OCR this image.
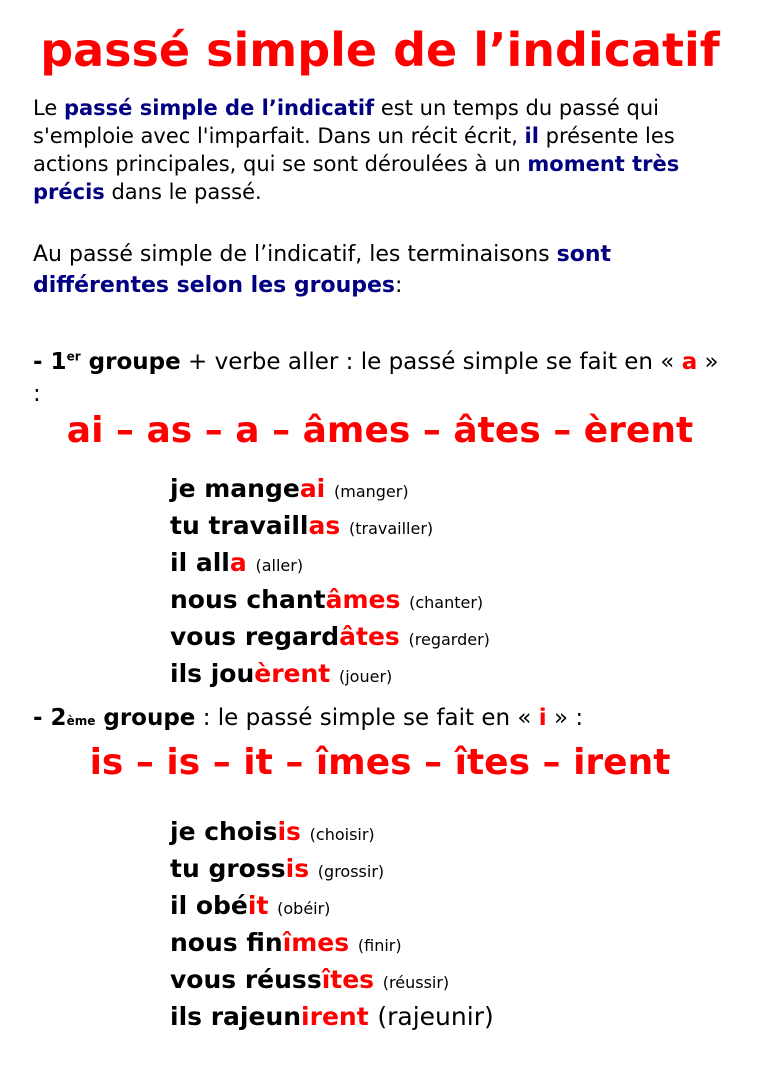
passé simple de l’indicatif
Le passé simple de l’indicatif est un temps du passé qui s'emploie avec l'imparfait. Dans un récit écrit, il présente les actions principales, qui se sont déroulées à un moment très précis dans le passé.
Au passé simple de l’indicatif, les terminaisons sont différentes selon les groupes:
- 1er groupe + verbe aller : le passé simple se fait en « a » :
ai – as – a – âmes – âtes – èrent
je mangeai (manger)
tu travaillas (travailler)
il alla (aller)
nous chantâmes (chanter)
vous regardâtes (regarder)
ils jouèrent (jouer)
- 2ème groupe : le passé simple se fait en « i » :
is – is – it – îmes – îtes – irent
je choisis (choisir)
tu grossis (grossir)
il obéit (obéir)
nous finîmes (finir)
vous réussîtes (réussir)
ils rajeunirent (rajeunir)
